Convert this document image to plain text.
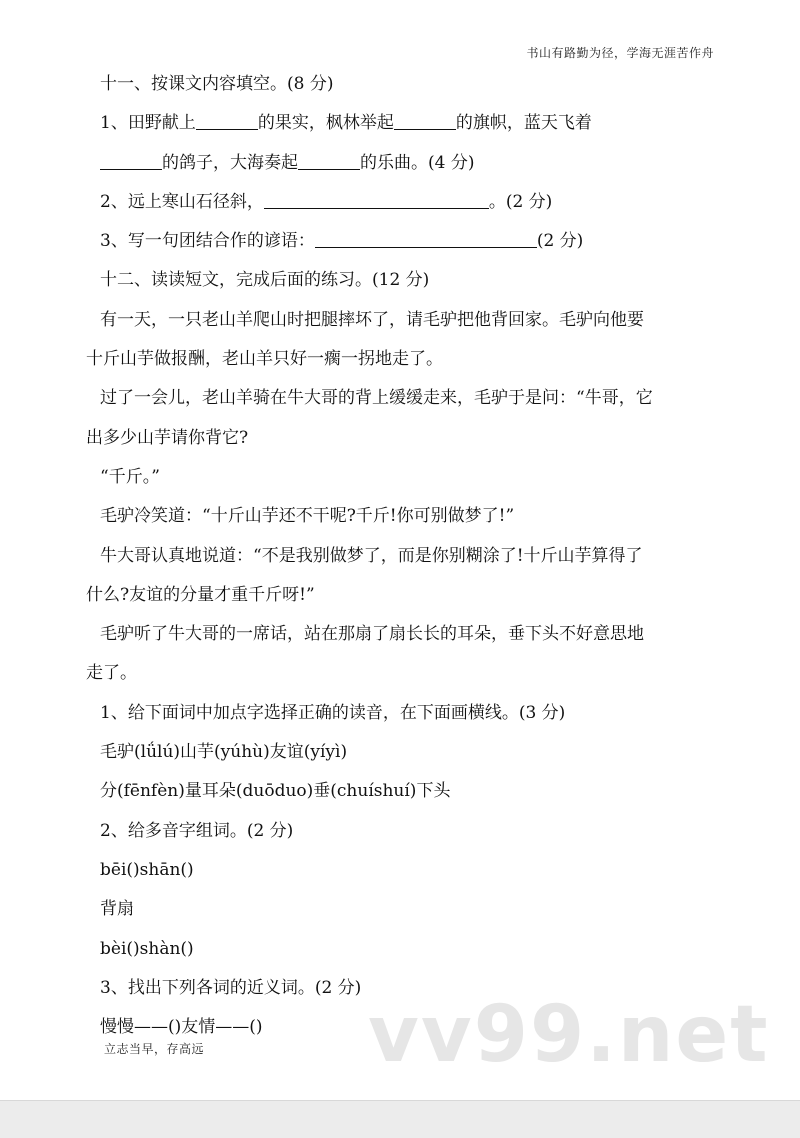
书山有路勤为径，学海无涯苦作舟
十一、按课文内容填空。(8 分)
1、田野献上	的果实，枫林举起	的旗帜，蓝天飞着
的鸽子，大海奏起	的乐曲。(4 分)
2、远上寒山石径斜，	。(2 分)
3、写一句团结合作的谚语：	(2 分)
十二、读读短文，完成后面的练习。(12 分)
有一天，一只老山羊爬山时把腿摔坏了，请毛驴把他背回家。毛驴向他要
十斤山芋做报酬，老山羊只好一瘸一拐地走了。
过了一会儿，老山羊骑在牛大哥的背上缓缓走来，毛驴于是问：“牛哥，它
出多少山芋请你背它?
“千斤。”
毛驴冷笑道：“十斤山芋还不干呢?千斤!你可别做梦了!”
牛大哥认真地说道：“不是我别做梦了，而是你别糊涂了!十斤山芋算得了
什么?友谊的分量才重千斤呀!”
毛驴听了牛大哥的一席话，站在那扇了扇长长的耳朵，垂下头不好意思地
走了。
1、给下面词中加点字选择正确的读音，在下面画横线。(3 分)
毛驴(lǘlú)山芋(yúhù)友谊(yíyì)
分(fēnfèn)量耳朵(duōduo)垂(chuíshuí)下头
2、给多音字组词。(2 分)
bēi()shān()
背扇
bèi()shàn()
3、找出下列各词的近义词。(2 分)
慢慢——()友情——()	vv99.net
立志当早，存高远
